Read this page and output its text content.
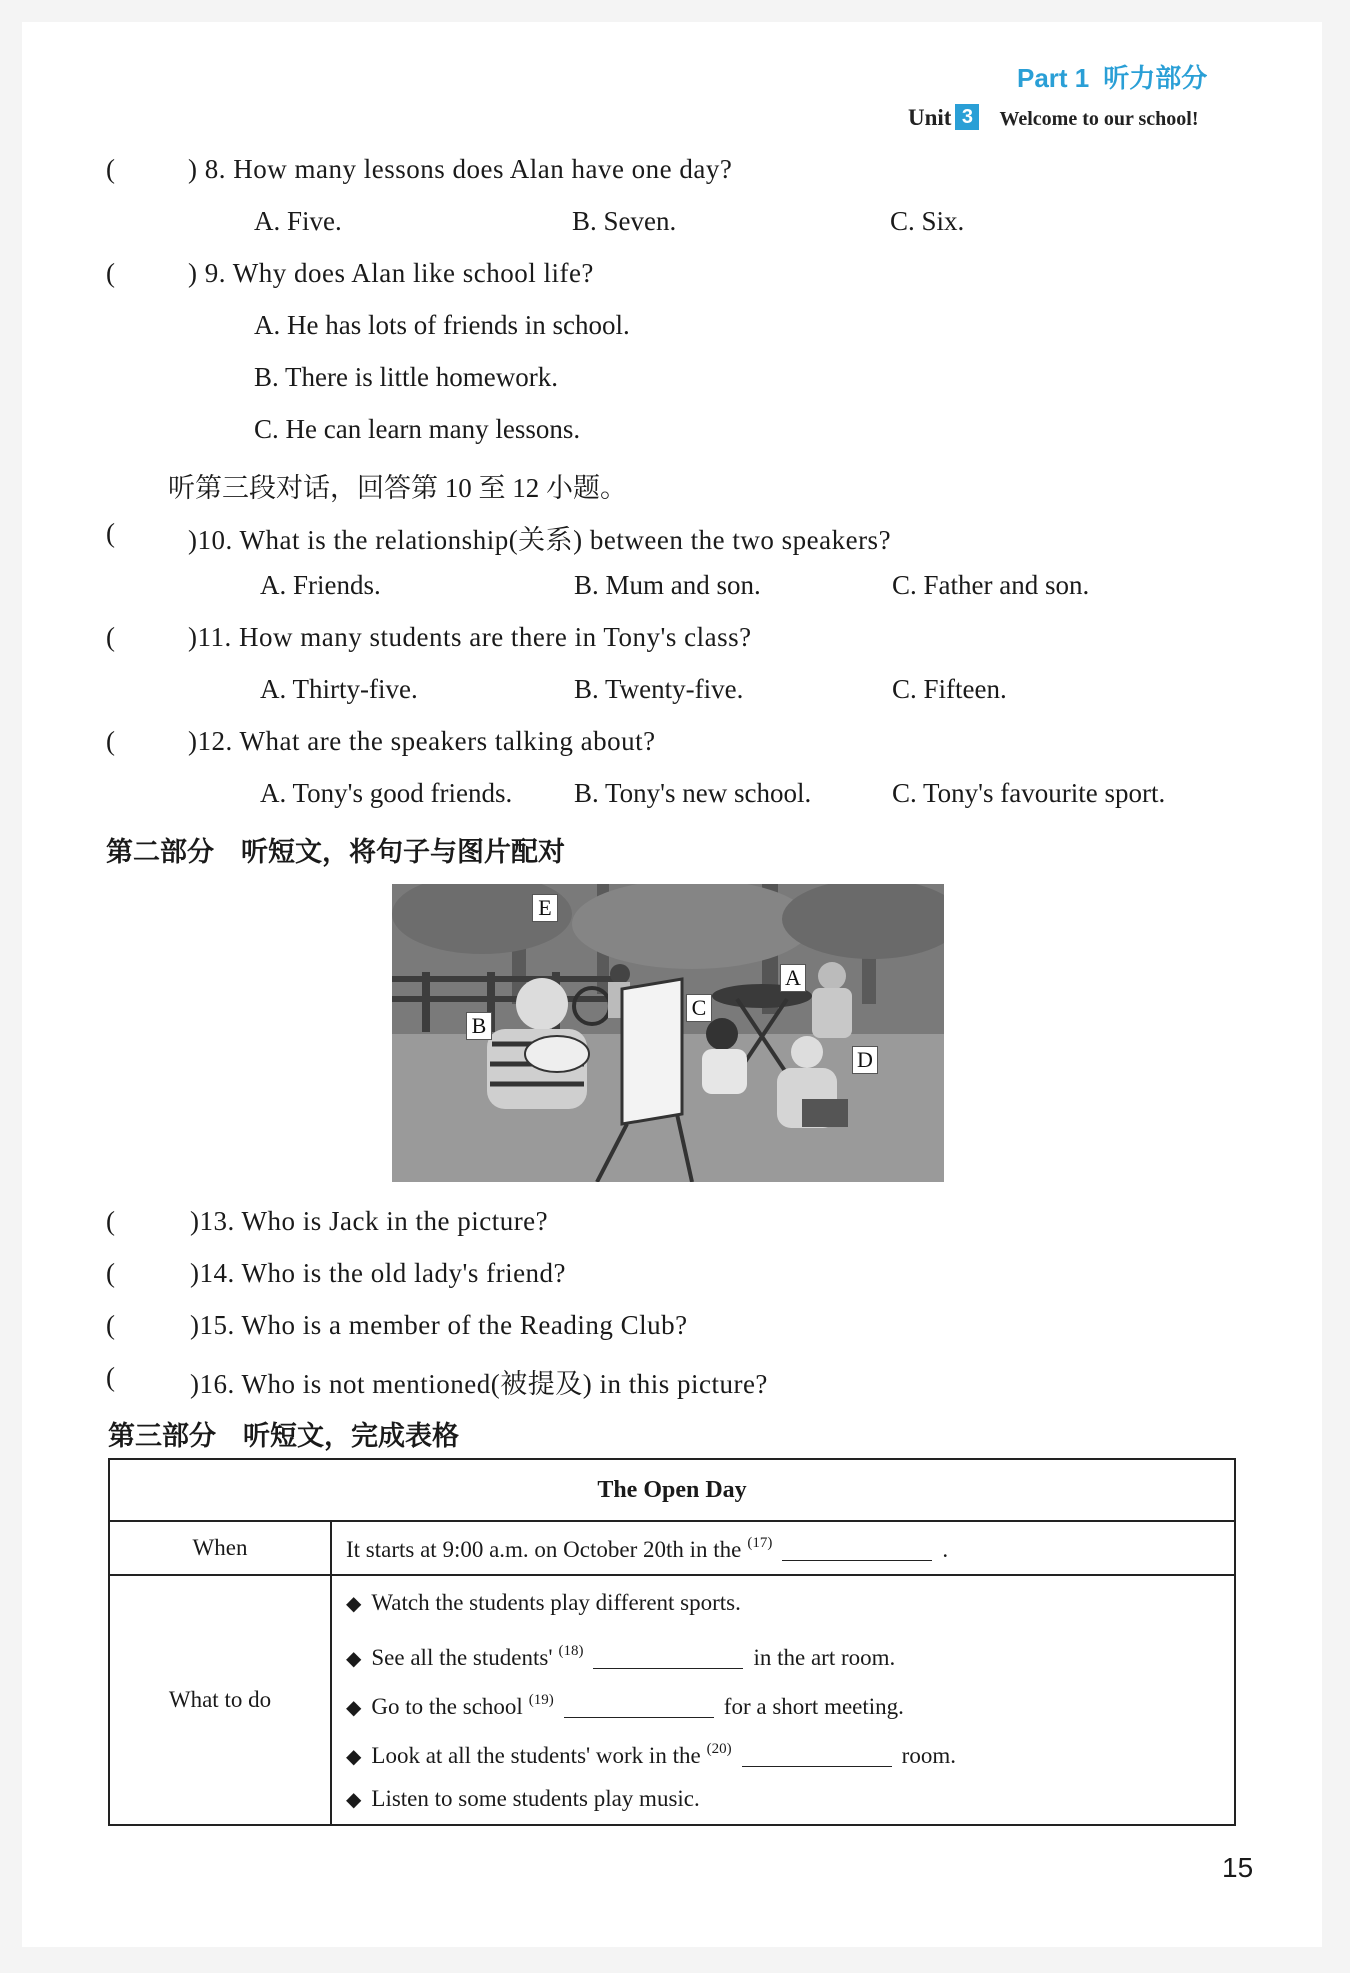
Part 1 听力部分
Unit 3 Welcome to our school!
(	) 8. How many lessons does Alan have one day?
A. Five.	B. Seven.	C. Six.
(	) 9. Why does Alan like school life?
A. He has lots of friends in school.
B. There is little homework.
C. He can learn many lessons.
听第三段对话，回答第 10 至 12 小题。
(	)10. What is the relationship(关系) between the two speakers?
A. Friends.	B. Mum and son.	C. Father and son.
(	)11. How many students are there in Tony's class?
A. Thirty-five.	B. Twenty-five.	C. Fifteen.
(	)12. What are the speakers talking about?
A. Tony's good friends. B. Tony's new school.	C. Tony's favourite sport.
第二部分　听短文，将句子与图片配对
E
A
C
B
D
(	)13. Who is Jack in the picture?
(	)14. Who is the old lady's friend?
(	)15. Who is a member of the Reading Club?
(	)16. Who is not mentioned(被提及) in this picture?
第三部分　听短文，完成表格
The Open Day	
When	It starts at 9:00 a.m. on October 20th in the $^{(17)}$ .
What to do	◆ Watch the students play different sports.
◆ See all the students' $^{(18)}$ in the art room.
◆ Go to the school $^{(19)}$ for a short meeting.
◆ Look at all the students' work in the $^{(20)}$ room.
◆ Listen to some students play music.
15
